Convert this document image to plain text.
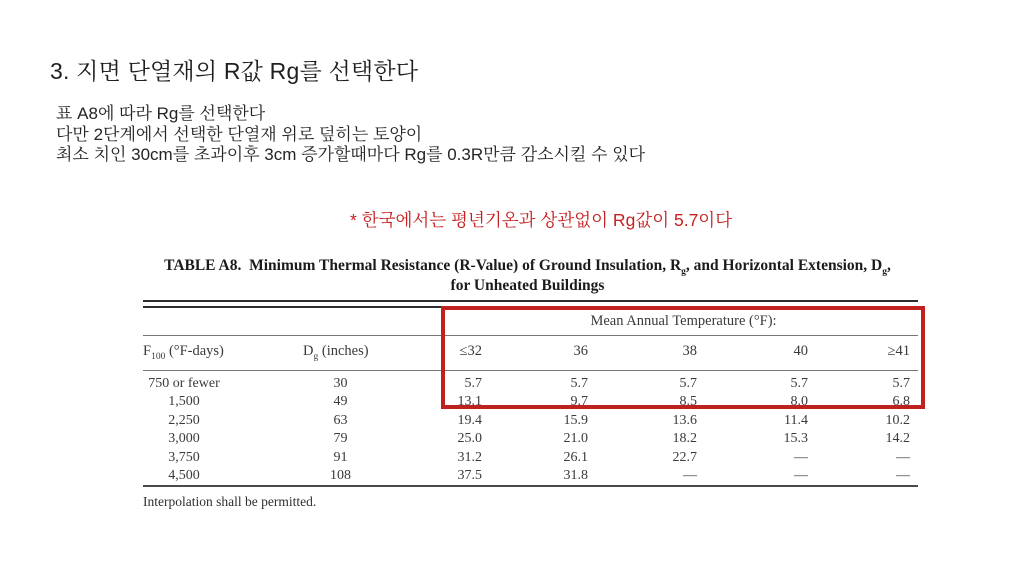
3. 지면 단열재의 R값 Rg를 선택한다
표 A8에 따라 Rg를 선택한다
다만 2단계에서 선택한 단열재 위로 덮히는 토양이
최소 치인 30cm를 초과이후 3cm 증가할때마다 Rg를 0.3R만큼 감소시킬 수 있다
* 한국에서는 평년기온과 상관없이 Rg값이 5.7이다
TABLE A8.  Minimum Thermal Resistance (R-Value) of Ground Insulation, $R_g$, and Horizontal Extension, $D_g$,
for Unheated Buildings
Mean Annual Temperature (°F):
$F_{100}$ (°F-days)	$D_g$ (inches)	≤32	36	38	40	≥41
750 or fewer	30	5.7	5.7	5.7	5.7	5.7
1,500	49	13.1	9.7	8.5	8.0	6.8
2,250	63	19.4	15.9	13.6	11.4	10.2
3,000	79	25.0	21.0	18.2	15.3	14.2
3,750	91	31.2	26.1	22.7	—	—
4,500	108	37.5	31.8	—	—	—
Interpolation shall be permitted.
